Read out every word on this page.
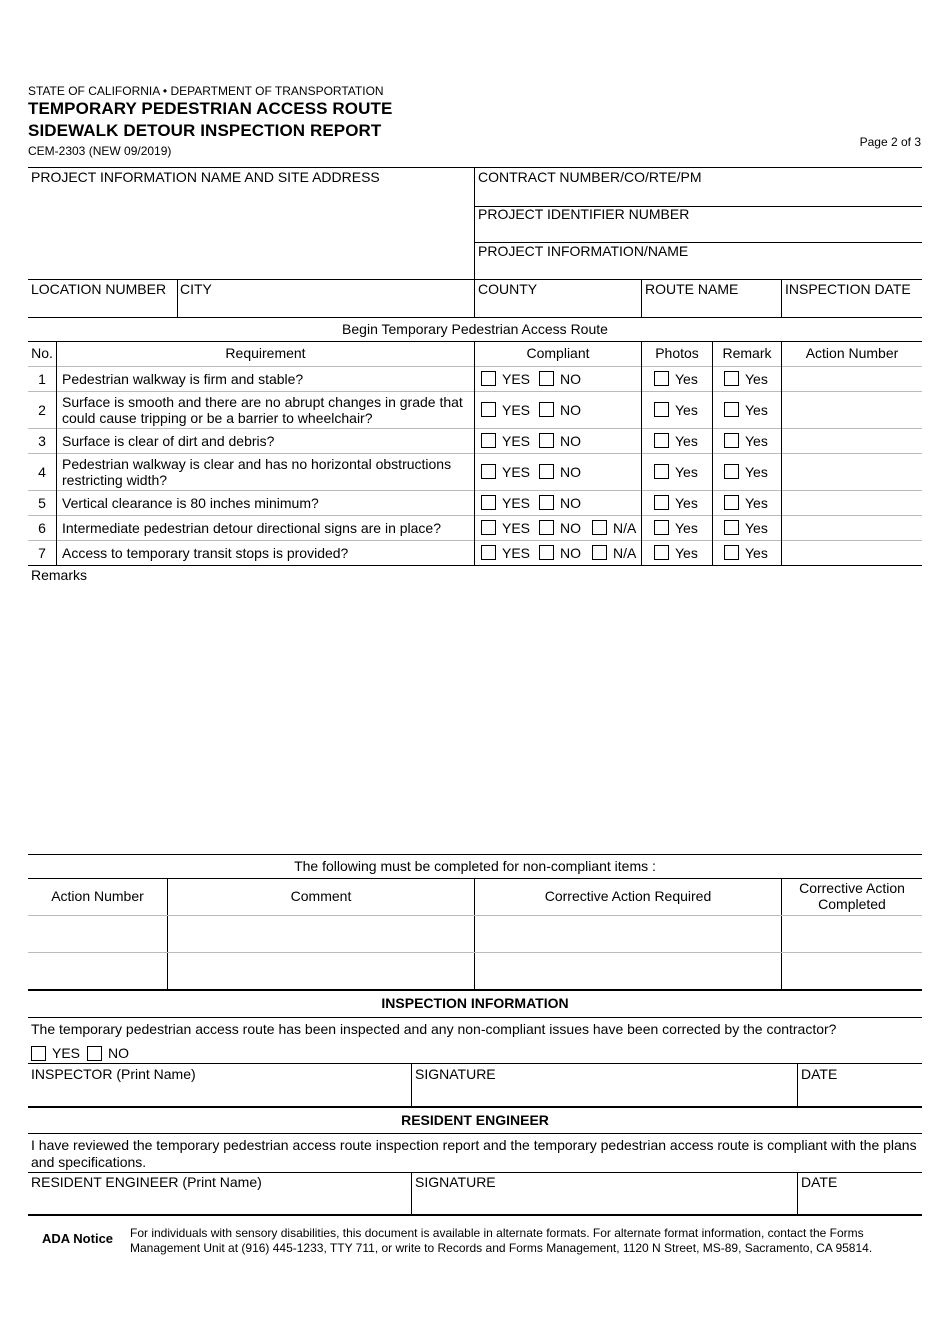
STATE OF CALIFORNIA • DEPARTMENT OF TRANSPORTATION
TEMPORARY PEDESTRIAN ACCESS ROUTE
SIDEWALK DETOUR INSPECTION REPORT
CEM-2303 (NEW 09/2019)
Page 2 of 3
PROJECT INFORMATION NAME AND SITE ADDRESS	CONTRACT NUMBER/CO/RTE/PM
PROJECT IDENTIFIER NUMBER
PROJECT INFORMATION/NAME
LOCATION NUMBER CITY	COUNTY	ROUTE NAME	INSPECTION DATE
Begin Temporary Pedestrian Access Route
No.	Requirement	Compliant	Photos	Remark	Action Number
1	Pedestrian walkway is firm and stable?	YES NO	Yes	Yes
2	Surface is smooth and there are no abrupt changes in grade that could cause tripping or be a barrier to wheelchair?	YES NO	Yes	Yes
3	Surface is clear of dirt and debris?	YES NO	Yes	Yes
4	Pedestrian walkway is clear and has no horizontal obstructions restricting width?	YES NO	Yes	Yes
5	Vertical clearance is 80 inches minimum?	YES NO	Yes	Yes
6	Intermediate pedestrian detour directional signs are in place?	YES NO N/A	Yes	Yes
7	Access to temporary transit stops is provided?	YES NO N/A	Yes	Yes
Remarks
The following must be completed for non-compliant items :
Action Number	Comment	Corrective Action Required	Corrective Action Completed
INSPECTION INFORMATION
The temporary pedestrian access route has been inspected and any non-compliant issues have been corrected by the contractor?
YES NO
INSPECTOR (Print Name)	SIGNATURE	DATE
RESIDENT ENGINEER
I have reviewed the temporary pedestrian access route inspection report and the temporary pedestrian access route is compliant with the plans and specifications.
RESIDENT ENGINEER (Print Name)	SIGNATURE	DATE
ADA Notice For individuals with sensory disabilities, this document is available in alternate formats. For alternate format information, contact the Forms Management Unit at (916) 445-1233, TTY 711, or write to Records and Forms Management, 1120 N Street, MS-89, Sacramento, CA 95814.
